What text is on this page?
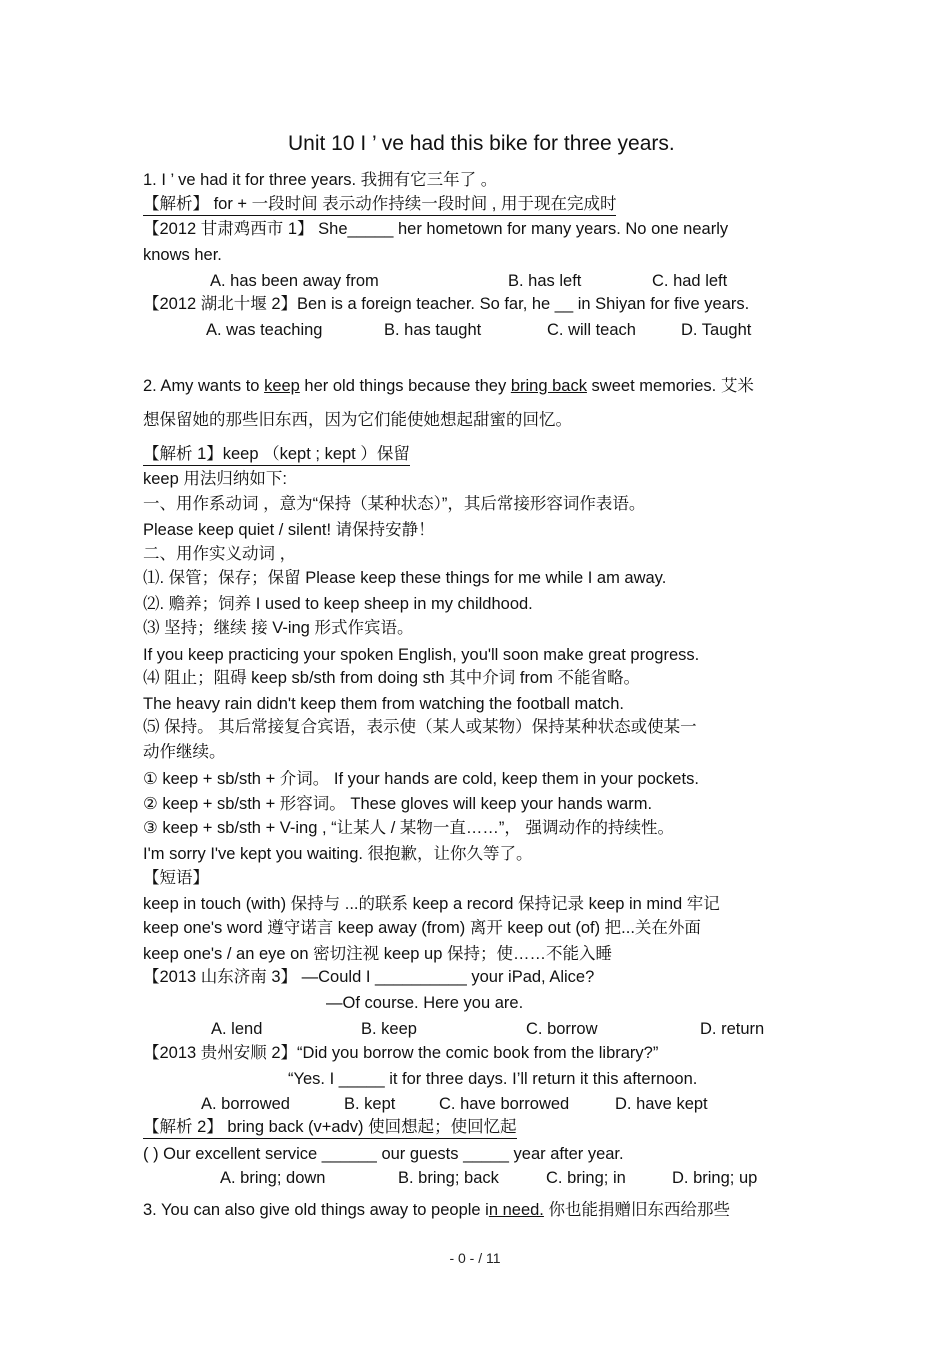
Unit 10 I ’ ve had this bike for three years.
1. I ’ ve had it for three years. 我拥有它三年了 。
【解析】 for + 一段时间 表示动作持续一段时间 , 用于现在完成时
【2012 甘肃鸡西市 1】 She_____ her hometown for many years. No one nearly
knows her.
A. has been away from	B. has left	C. had left
【2012 湖北十堰 2】Ben is a foreign teacher. So far, he __ in Shiyan for five years.
A. was teaching	B. has taught	C. will teach	D. Taught
2. Amy wants to keep her old things because they bring back sweet memories. 艾米
想保留她的那些旧东西，因为它们能使她想起甜蜜的回忆。
【解析 1】keep （kept ; kept ）保留
keep 用法归纳如下:
一、用作系动词 ，意为“保持（某种状态）”，其后常接形容词作表语。
Please keep quiet / silent! 请保持安静！
二、用作实义动词 ，
⑴. 保管；保存；保留 Please keep these things for me while I am away.
⑵. 赡养；饲养 I used to keep sheep in my childhood.
⑶ 坚持；继续 接 V-ing 形式作宾语。
If you keep practicing your spoken English, you'll soon make great progress.
⑷ 阻止；阻碍 keep sb/sth from doing sth 其中介词 from 不能省略。
The heavy rain didn't keep them from watching the football match.
⑸ 保持。 其后常接复合宾语，表示使（某人或某物）保持某种状态或使某一
动作继续。
① keep + sb/sth + 介词。 If your hands are cold, keep them in your pockets.
② keep + sb/sth + 形容词。 These gloves will keep your hands warm.
③ keep + sb/sth + V-ing , “让某人 / 某物一直……”， 强调动作的持续性。
I'm sorry I've kept you waiting. 很抱歉，让你久等了。
【短语】
keep in touch (with) 保持与 ...的联系 keep a record 保持记录 keep in mind 牢记
keep one's word 遵守诺言 keep away (from) 离开 keep out (of) 把...关在外面
keep one's / an eye on 密切注视 keep up 保持；使……不能入睡
【2013 山东济南 3】 —Could I __________ your iPad, Alice?
—Of course. Here you are.
A. lend	B. keep	C. borrow	D. return
【2013 贵州安顺 2】“Did you borrow the comic book from the library?”
“Yes. I _____ it for three days. I’ll return it this afternoon.
A. borrowed	B. kept	C. have borrowed	D. have kept
【解析 2】 bring back (v+adv) 使回想起；使回忆起
( ) Our excellent service ______ our guests _____ year after year.
A. bring; down	B. bring; back	C. bring; in	D. bring; up
3. You can also give old things away to people in need. 你也能捐赠旧东西给那些
- 0 - / 11
